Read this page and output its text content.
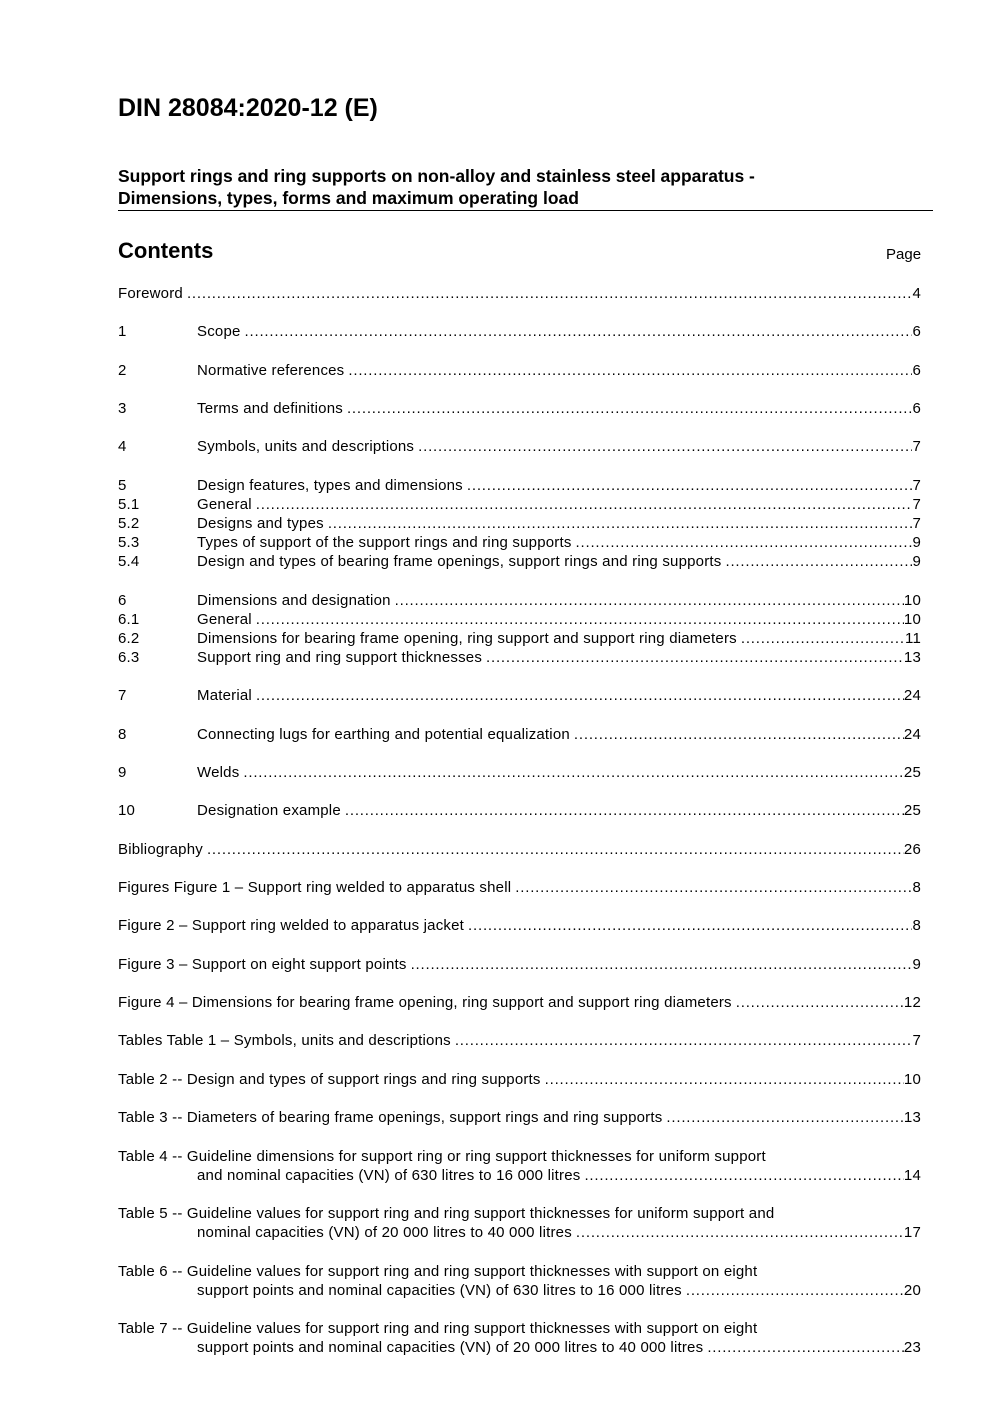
DIN 28084:2020-12 (E)
Support rings and ring supports on non-alloy and stainless steel apparatus -
Dimensions, types, forms and maximum operating load
Contents	Page
Foreword .....	4
1	Scope .....	6
2	Normative references .....	6
3	Terms and definitions .....	6
4	Symbols, units and descriptions .....	7
5	Design features, types and dimensions .....	7
5.1	General .....	7
5.2	Designs and types .....	7
5.3	Types of support of the support rings and ring supports .....	9
5.4	Design and types of bearing frame openings, support rings and ring supports .....	9
6	Dimensions and designation .....	10
6.1	General .....	10
6.2	Dimensions for bearing frame opening, ring support and support ring diameters .....	11
6.3	Support ring and ring support thicknesses .....	13
7	Material .....	24
8	Connecting lugs for earthing and potential equalization .....	24
9	Welds .....	25
10	Designation example .....	25
Bibliography .....	26
Figures Figure 1 – Support ring welded to apparatus shell .....	8
Figure 2 – Support ring welded to apparatus jacket .....	8
Figure 3 – Support on eight support points .....	9
Figure 4 – Dimensions for bearing frame opening, ring support and support ring diameters .....	12
Tables Table 1 – Symbols, units and descriptions .....	7
Table 2 -- Design and types of support rings and ring supports .....	10
Table 3 -- Diameters of bearing frame openings, support rings and ring supports .....	13
Table 4 -- Guideline dimensions for support ring or ring support thicknesses for uniform support
and nominal capacities (VN) of 630 litres to 16 000 litres .....	14
Table 5 -- Guideline values for support ring and ring support thicknesses for uniform support and
nominal capacities (VN) of 20 000 litres to 40 000 litres .....	17
Table 6 -- Guideline values for support ring and ring support thicknesses with support on eight
support points and nominal capacities (VN) of 630 litres to 16 000 litres .....	20
Table 7 -- Guideline values for support ring and ring support thicknesses with support on eight
support points and nominal capacities (VN) of 20 000 litres to 40 000 litres .....	23
